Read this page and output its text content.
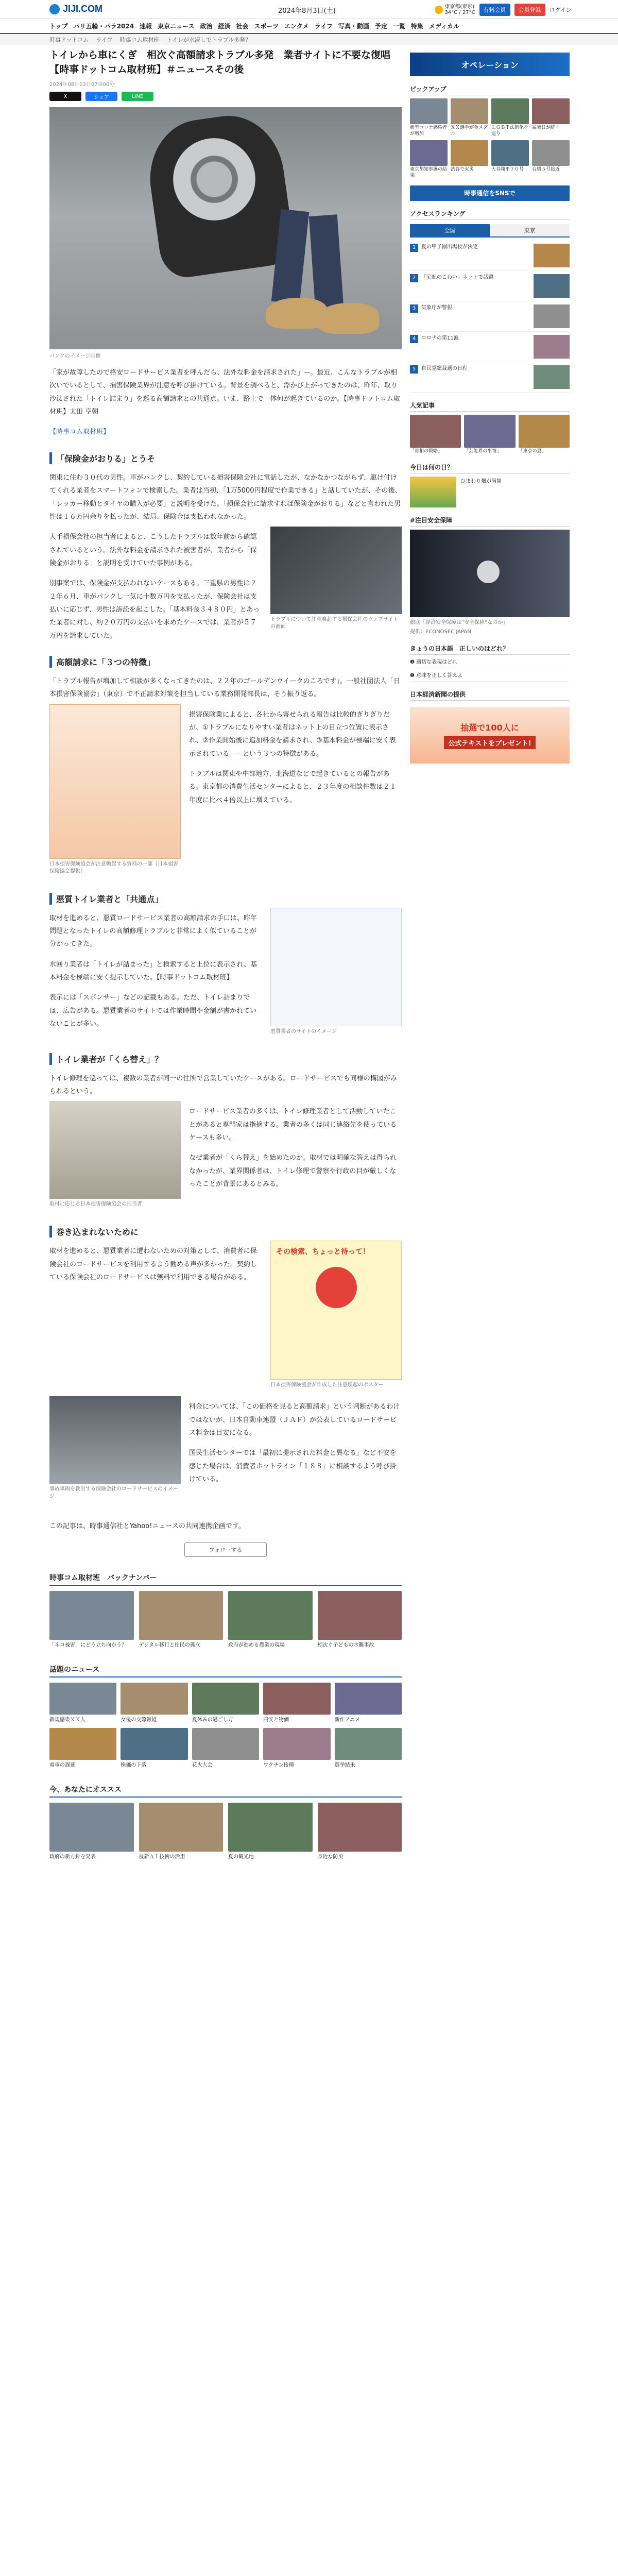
JIJI.COM	2024年8月3日(土)
東京都(東京)
34°C / 27°C	有料会員	会員登録	ログイン
トップ パリ五輪・パラ2024 速報 東京ニュース 政治 経済 社会 スポーツ エンタメ ライフ 写真・動画 予定 一覧 特集 メディカル
時事ドットコム ライフ 時事コム取材班 トイレが水浸しでトラブル多発？
トイレから車にくぎ　相次ぐ高額請求トラブル多発　業者サイトに不要な復唱【時事ドットコム取材班】＃ニュースその後
2024年08月03日07時00分
X	シェア	LINE
パンクのイメージ画像

「家が故障したので格安ロードサービス業者を呼んだら、法外な料金を請求された」ー。最近、こんなトラブルが相次いでいるとして、損害保険業界が注意を呼び掛けている。背景を調べると、浮かび上がってきたのは、昨年、取り沙汰された「トイレ詰まり」を巡る高額請求との共通点。いま、路上で一体何が起きているのか。【時事ドットコム取材班】太田 亨朝

【時事コム取材班】

「保険金がおりる」とうそ

関東に住む３０代の男性。車がパンクし、契約している損害保険会社に電話したが、なかなかつながらず、駆け付けてくれる業者をスマートフォンで検索した。業者は当初、「1万5000円程度で作業できる」と話していたが、その後、「レッカー移動とタイヤの購入が必要」と説明を受けた。「損保会社に請求すれば保険金がおりる」などと言われた男性は１６万円余りを払ったが、結局、保険金は支払われなかった。

トラブルについて注意喚起する損保会社のウェブサイトの画面

大手損保会社の担当者によると、こうしたトラブルは数年前から確認されているという。法外な料金を請求された被害者が、業者から「保険金がおりる」と説明を受けていた事例がある。

別事案では、保険金が支払われないケースもある。三重県の男性は２２年６月、車がパンクし一気に十数万円を支払ったが、保険会社は支払いに応じず、男性は訴訟を起こした。「基本料金３４８０円」とあった業者に対し、約２０万円の支払いを求めたケースでは、業者が５７万円を請求していた。

高額請求に「３つの特徴」

「トラブル報告が増加して相談が多くなってきたのは、２２年のゴールデンウイークのころです」。一般社団法人「日本損害保険協会」（東京）で不正請求対策を担当している業務開発部長は、そう振り返る。

日本損害保険協会が注意喚起する資料の一部（日本損害保険協会提供）

損害保険業によると、各社から寄せられる報告は比較的ぎりぎりだが、①トラブルになりやすい業者はネット上の目立つ位置に表示され、②作業開始後に追加料金を請求され、③基本料金が極端に安く表示されている——という３つの特徴がある。

トラブルは関東や中部地方、北海道などで起きているとの報告がある。東京都の消費生活センターによると、２３年度の相談件数は２１年度に比べ４倍以上に増えている。

悪質トイレ業者と「共通点」
悪質業者のサイトのイメージ

取材を進めると、悪質ロードサービス業者の高額請求の手口は、昨年問題となったトイレの高額修理トラブルと非常によく似ていることが分かってきた。

水回り業者は「トイレが詰まった」と検索すると上位に表示され、基本料金を極端に安く提示していた。【時事ドットコム取材班】

表示には「スポンサー」などの記載もある。ただ、トイレ詰まりでは、広告がある。悪質業者のサイトでは作業時間や金額が書かれていないことが多い。

トイレ業者が「くら替え」？

トイレ修理を巡っては、複数の業者が同一の住所で営業していたケースがある。ロードサービスでも同様の構図がみられるという。

取材に応じる日本損害保険協会の担当者

ロードサービス業者の多くは、トイレ修理業者として活動していたことがあると専門家は指摘する。業者の多くは同じ連絡先を使っているケースも多い。

なぜ業者が「くら替え」を始めたのか。取材では明確な答えは得られなかったが、業界関係者は、トイレ修理で警察や行政の目が厳しくなったことが背景にあるとみる。

巻き込まれないために
その検索、ちょっと待って！
日本損害保険協会が作成した注意喚起のポスター

取材を進めると、悪質業者に遭わないための対策として、消費者に保険会社のロードサービスを利用するよう勧める声が多かった。契約している保険会社のロードサービスは無料で利用できる場合がある。

事故車両を救出する保険会社のロードサービスのイメージ

料金については、「この価格を見ると高額請求」という判断があるわけではないが、日本自動車連盟（ＪＡＦ）が公表しているロードサービス料金は目安になる。

国民生活センターでは「最初に提示された料金と異なる」など不安を感じた場合は、消費者ホットライン「１８８」に相談するよう呼び掛けている。

この記事は、時事通信社とYahoo!ニュースの共同連携企画です。

フォローする
時事コム取材班　バックナンバー
「ネコ被害」にどう立ち向かう？	デジタル移行と住民の孤立	政府が進める農業の現場	相次ぐ子どもの水難事故
話題のニュース
新規感染ＸＸ人	女優の交際報道	夏休みの過ごし方	円安と物価	新作アニメ
電車の遅延	株価の下落	花火大会	ワクチン接種	選挙結果
今、あなたにオススス
政府の新方針を発表	最新ＡＩ技術の活用	夏の観光地	身近な防災
オペレーション
ピックアップ
新型コロナ感染者が増加
ＸＸ選手が金メダル
ＬＧＢＴ法制化を巡り
猛暑日が続く
東京都知事選の結果
渋谷で火災	大谷翔平３０号	台風５号接近
時事通信をSNSで
アクセスランキング
全国	東京
1	夏の甲子園出場校が決定
2	「宅配のこわい」ネットで話題
3	気象庁が警報
4	コロナの第11波
5	自民党総裁選の日程
人気記事
「首相の戦略」	「芸能界の事情」	「東京の夏」
今日は何の日？
ひまわり畑が満開
#注目安全保障
徹底「経済安全保障は“安全保障”なのか」
提供：ECONOSEC JAPAN
きょうの日本語　正しいのはどれ？
❶ 適切な表現はどれ
❷ 意味を正しく答えよ
日本経済新聞の提供
抽選で100人に
公式テキストをプレゼント!
